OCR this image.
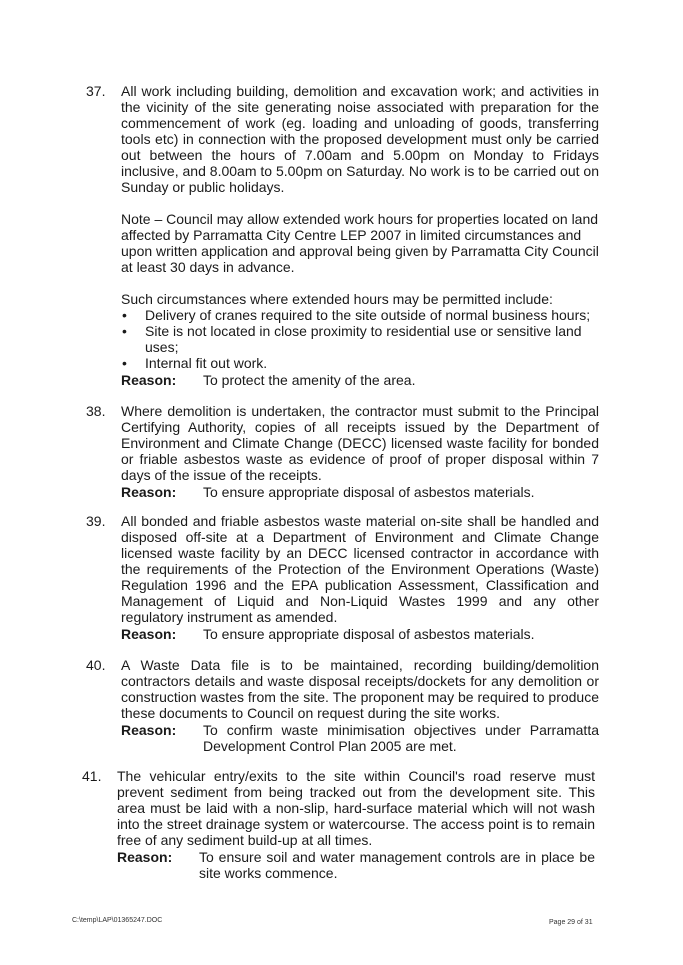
37.	All work including building, demolition and excavation work; and activities in the vicinity of the site generating noise associated with preparation for the commencement of work (eg. loading and unloading of goods, transferring tools etc) in connection with the proposed development must only be carried out between the hours of 7.00am and 5.00pm on Monday to Fridays inclusive, and 8.00am to 5.00pm on Saturday. No work is to be carried out on Sunday or public holidays.

Note – Council may allow extended work hours for properties located on land affected by Parramatta City Centre LEP 2007 in limited circumstances and upon written application and approval being given by Parramatta City Council at least 30 days in advance.

Such circumstances where extended hours may be permitted include:

• Delivery of cranes required to the site outside of normal business hours;
• Site is not located in close proximity to residential use or sensitive land uses;
• Internal fit out work.
Reason:	To protect the amenity of the area.
38.	Where demolition is undertaken, the contractor must submit to the Principal Certifying Authority, copies of all receipts issued by the Department of Environment and Climate Change (DECC) licensed waste facility for bonded or friable asbestos waste as evidence of proof of proper disposal within 7 days of the issue of the receipts.

Reason:	To ensure appropriate disposal of asbestos materials.
39.	All bonded and friable asbestos waste material on-site shall be handled and disposed off-site at a Department of Environment and Climate Change licensed waste facility by an DECC licensed contractor in accordance with the requirements of the Protection of the Environment Operations (Waste) Regulation 1996 and the EPA publication Assessment, Classification and Management of Liquid and Non-Liquid Wastes 1999 and any other regulatory instrument as amended.

Reason:	To ensure appropriate disposal of asbestos materials.
40.	A Waste Data file is to be maintained, recording building/demolition contractors details and waste disposal receipts/dockets for any demolition or construction wastes from the site. The proponent may be required to produce these documents to Council on request during the site works.

Reason:	To confirm waste minimisation objectives under Parramatta Development Control Plan 2005 are met.
41.	The vehicular entry/exits to the site within Council's road reserve must prevent sediment from being tracked out from the development site. This area must be laid with a non-slip, hard-surface material which will not wash into the street drainage system or watercourse. The access point is to remain free of any sediment build-up at all times.

Reason:	To ensure soil and water management controls are in place be site works commence.
C:\temp\LAP\01365247.DOC	Page 29 of 31
